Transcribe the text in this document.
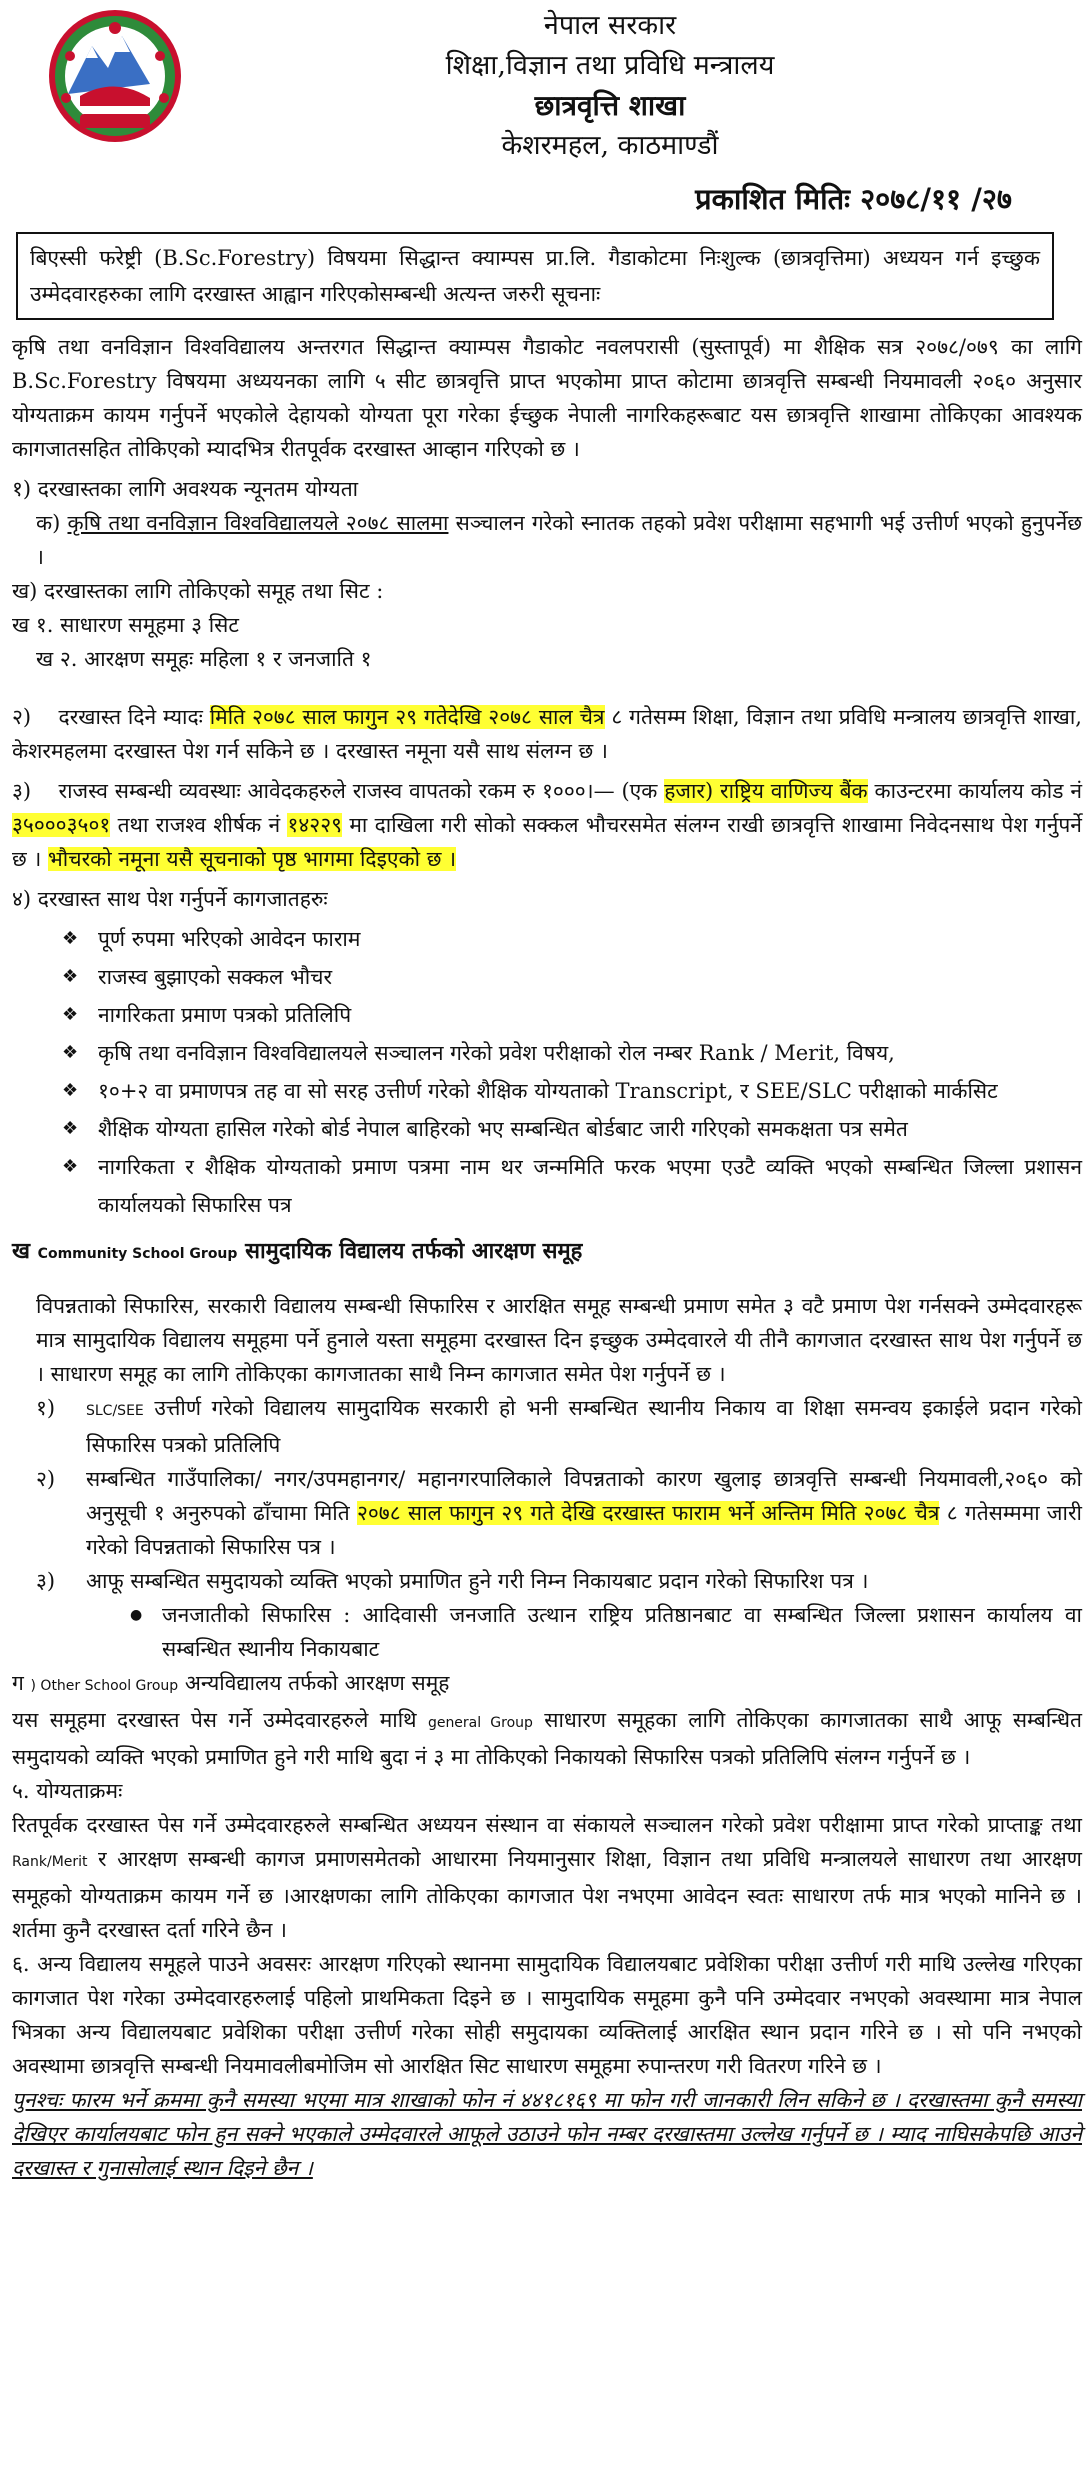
नेपाल सरकार
शिक्षा,विज्ञान तथा प्रविधि मन्त्रालय
छात्रवृत्ति शाखा
केशरमहल, काठमाण्डौं
प्रकाशित मितिः २०७८/११ /२७
बिएस्सी फरेष्ट्री (B.Sc.Forestry) विषयमा सिद्धान्त क्याम्पस प्रा.लि. गैडाकोटमा निःशुल्क (छात्रवृत्तिमा) अध्ययन गर्न इच्छुक उम्मेदवारहरुका लागि दरखास्त आह्वान गरिएकोसम्बन्धी अत्यन्त जरुरी सूचनाः

कृषि तथा वनविज्ञान विश्वविद्यालय अन्तरगत सिद्धान्त क्याम्पस गैडाकोट नवलपरासी (सुस्तापूर्व) मा शैक्षिक सत्र २०७८/०७९ का लागि B.Sc.Forestry विषयमा अध्ययनका लागि ५ सीट छात्रवृत्ति प्राप्त भएकोमा प्राप्त कोटामा छात्रवृत्ति सम्बन्धी नियमावली २०६० अनुसार योग्यताक्रम कायम गर्नुपर्ने भएकोले देहायको योग्यता पूरा गरेका ईच्छुक नेपाली नागरिकहरूबाट यस छात्रवृत्ति शाखामा तोकिएका आवश्यक कागजातसहित तोकिएको म्यादभित्र रीतपूर्वक दरखास्त आव्हान गरिएको छ ।

१) दरखास्तका लागि अवश्यक न्यूनतम योग्यता

क) कृषि तथा वनविज्ञान विश्वविद्यालयले २०७८ सालमा सञ्चालन गरेको स्नातक तहको प्रवेश परीक्षामा सहभागी भई उत्तीर्ण भएको हुनुपर्नेछ ।

ख) दरखास्तका लागि तोकिएको समूह तथा सिट :

ख १. साधारण समूहमा ३ सिट

ख २. आरक्षण समूहः महिला १ र जनजाति १

२) दरखास्त दिने म्यादः मिति २०७८ साल फागुन २९ गतेदेखि २०७८ साल चैत्र ८ गतेसम्म शिक्षा, विज्ञान तथा प्रविधि मन्त्रालय छात्रवृत्ति शाखा, केशरमहलमा दरखास्त पेश गर्न सकिने छ । दरखास्त नमूना यसै साथ संलग्न छ ।

३) राजस्व सम्बन्धी व्यवस्थाः आवेदकहरुले राजस्व वापतको रकम रु १०००।— (एक हजार) राष्ट्रिय वाणिज्य बैंक काउन्टरमा कार्यालय कोड नं ३५०००३५०१ तथा राजश्व शीर्षक नं १४२२९ मा दाखिला गरी सोको सक्कल भौचरसमेत संलग्न राखी छात्रवृत्ति शाखामा निवेदनसाथ पेश गर्नुपर्ने छ । भौचरको नमूना यसै सूचनाको पृष्ठ भागमा दिइएको छ ।

४) दरखास्त साथ पेश गर्नुपर्ने कागजातहरुः

❖ पूर्ण रुपमा भरिएको आवेदन फाराम
❖ राजस्व बुझाएको सक्कल भौचर
❖ नागरिकता प्रमाण पत्रको प्रतिलिपि
❖ कृषि तथा वनविज्ञान विश्वविद्यालयले सञ्चालन गरेको प्रवेश परीक्षाको रोल नम्बर Rank / Merit, विषय,
❖ १०+२ वा प्रमाणपत्र तह वा सो सरह उत्तीर्ण गरेको शैक्षिक योग्यताको Transcript, र SEE/SLC परीक्षाको मार्कसिट
❖ शैक्षिक योग्यता हासिल गरेको बोर्ड नेपाल बाहिरको भए सम्बन्धित बोर्डबाट जारी गरिएको समकक्षता पत्र समेत
❖ नागरिकता र शैक्षिक योग्यताको प्रमाण पत्रमा नाम थर जन्ममिति फरक भएमा एउटै व्यक्ति भएको सम्बन्धित जिल्ला प्रशासन कार्यालयको सिफारिस पत्र

ख Community School Group सामुदायिक विद्यालय तर्फको आरक्षण समूह

विपन्नताको सिफारिस, सरकारी विद्यालय सम्बन्धी सिफारिस र आरक्षित समूह सम्बन्धी प्रमाण समेत ३ वटै प्रमाण पेश गर्नसक्ने उम्मेदवारहरू मात्र सामुदायिक विद्यालय समूहमा पर्ने हुनाले यस्ता समूहमा दरखास्त दिन इच्छुक उम्मेदवारले यी तीनै कागजात दरखास्त साथ पेश गर्नुपर्ने छ । साधारण समूह का लागि तोकिएका कागजातका साथै निम्न कागजात समेत पेश गर्नुपर्ने छ ।

१)	SLC/SEE उत्तीर्ण गरेको विद्यालय सामुदायिक सरकारी हो भनी सम्बन्धित स्थानीय निकाय वा शिक्षा समन्वय इकाईले प्रदान गरेको सिफारिस पत्रको प्रतिलिपि
२)	सम्बन्धित गाउँपालिका/ नगर/उपमहानगर/ महानगरपालिकाले विपन्नताको कारण खुलाइ छात्रवृत्ति सम्बन्धी नियमावली,२०६० को अनुसूची १ अनुरुपको ढाँचामा मिति २०७८ साल फागुन २९ गते देखि दरखास्त फाराम भर्ने अन्तिम मिति २०७८ चैत्र ८ गतेसम्ममा जारी गरेको विपन्नताको सिफारिस पत्र ।
३)	आफू सम्बन्धित समुदायको व्यक्ति भएको प्रमाणित हुने गरी निम्न निकायबाट प्रदान गरेको सिफारिश पत्र ।
● जनजातीको सिफारिस : आदिवासी जनजाति उत्थान राष्ट्रिय प्रतिष्ठानबाट वा सम्बन्धित जिल्ला प्रशासन कार्यालय वा सम्बन्धित स्थानीय निकायबाट

ग ) Other School Group अन्यविद्यालय तर्फको आरक्षण समूह

यस समूहमा दरखास्त पेस गर्ने उम्मेदवारहरुले माथि general Group साधारण समूहका लागि तोकिएका कागजातका साथै आफू सम्बन्धित समुदायको व्यक्ति भएको प्रमाणित हुने गरी माथि बुदा नं ३ मा तोकिएको निकायको सिफारिस पत्रको प्रतिलिपि संलग्न गर्नुपर्ने छ ।

५. योग्यताक्रमः

रितपूर्वक दरखास्त पेस गर्ने उम्मेदवारहरुले सम्बन्धित अध्ययन संस्थान वा संकायले सञ्चालन गरेको प्रवेश परीक्षामा प्राप्त गरेको प्राप्ताङ्क तथा Rank/Merit र आरक्षण सम्बन्धी कागज प्रमाणसमेतको आधारमा नियमानुसार शिक्षा, विज्ञान तथा प्रविधि मन्त्रालयले साधारण तथा आरक्षण समूहको योग्यताक्रम कायम गर्ने छ ।आरक्षणका लागि तोकिएका कागजात पेश नभएमा आवेदन स्वतः साधारण तर्फ मात्र भएको मानिने छ ।शर्तमा कुनै दरखास्त दर्ता गरिने छैन ।

६. अन्य विद्यालय समूहले पाउने अवसरः आरक्षण गरिएको स्थानमा सामुदायिक विद्यालयबाट प्रवेशिका परीक्षा उत्तीर्ण गरी माथि उल्लेख गरिएका कागजात पेश गरेका उम्मेदवारहरुलाई पहिलो प्राथमिकता दिइने छ । सामुदायिक समूहमा कुनै पनि उम्मेदवार नभएको अवस्थामा मात्र नेपाल भित्रका अन्य विद्यालयबाट प्रवेशिका परीक्षा उत्तीर्ण गरेका सोही समुदायका व्यक्तिलाई आरक्षित स्थान प्रदान गरिने छ । सो पनि नभएको अवस्थामा छात्रवृत्ति सम्बन्धी नियमावलीबमोजिम सो आरक्षित सिट साधारण समूहमा रुपान्तरण गरी वितरण गरिने छ ।

पुनश्चः फारम भर्ने क्रममा कुनै समस्या भएमा मात्र शाखाको फोन नं ४४१८१६९ मा फोन गरी जानकारी लिन सकिने छ । दरखास्तमा कुनै समस्या देखिएर कार्यालयबाट फोन हुन सक्ने भएकाले उम्मेदवारले आफूले उठाउने फोन नम्बर दरखास्तमा उल्लेख गर्नुपर्ने छ । म्याद नाघिसकेपछि आउने दरखास्त र गुनासोलाई स्थान दिइने छैन ।
